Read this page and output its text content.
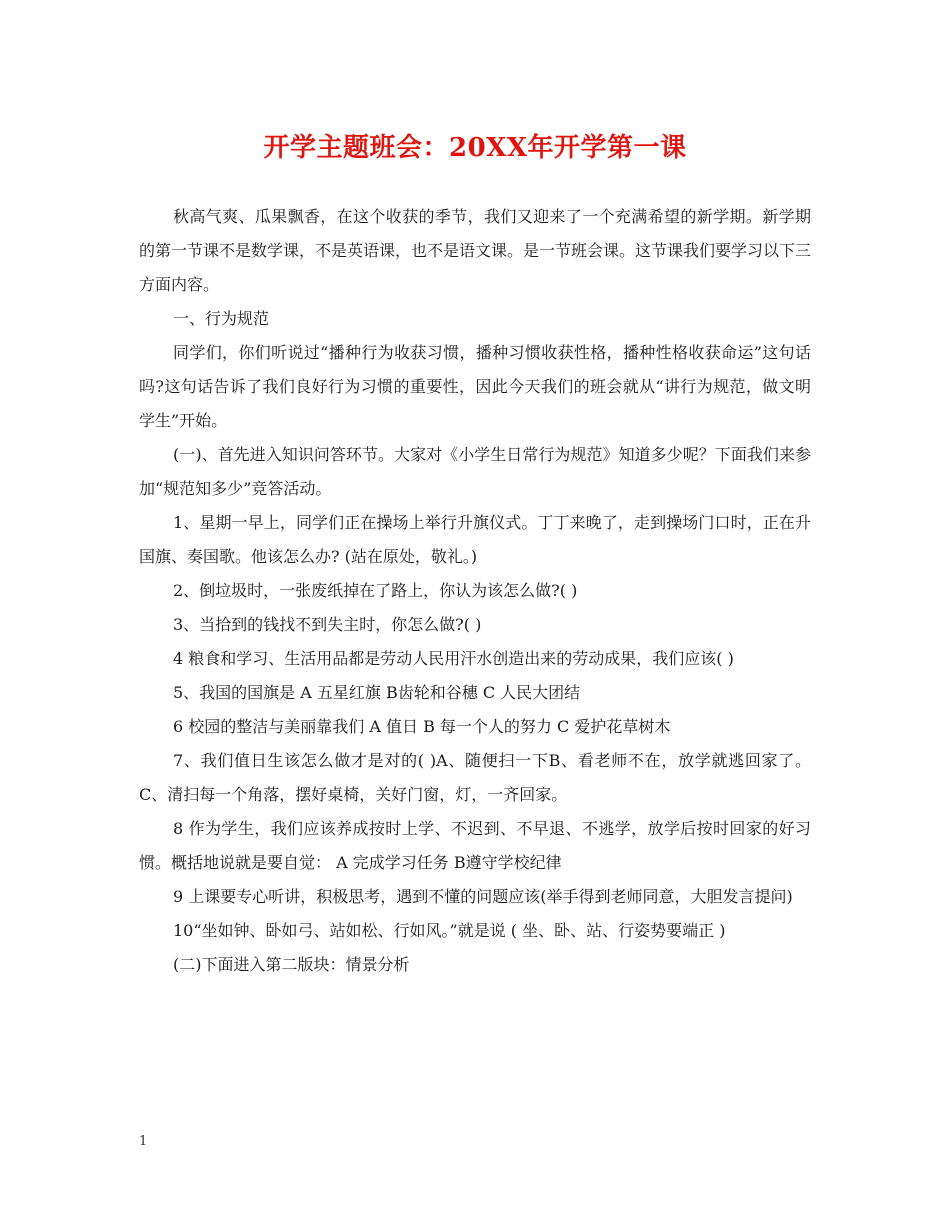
开学主题班会：20XX年开学第一课

秋高气爽、瓜果飘香，在这个收获的季节，我们又迎来了一个充满希望的新学期。新学期的第一节课不是数学课，不是英语课，也不是语文课。是一节班会课。这节课我们要学习以下三方面内容。

一、行为规范

同学们，你们听说过“播种行为收获习惯，播种习惯收获性格，播种性格收获命运”这句话吗?这句话告诉了我们良好行为习惯的重要性，因此今天我们的班会就从“讲行为规范，做文明学生”开始。

(一)、首先进入知识问答环节。大家对《小学生日常行为规范》知道多少呢？下面我们来参加“规范知多少”竞答活动。

1、星期一早上，同学们正在操场上举行升旗仪式。丁丁来晚了，走到操场门口时，正在升国旗、奏国歌。他该怎么办? (站在原处，敬礼。)

2、倒垃圾时，一张废纸掉在了路上，你认为该怎么做?( )

3、当拾到的钱找不到失主时，你怎么做?( )

4 粮食和学习、生活用品都是劳动人民用汗水创造出来的劳动成果，我们应该( )

5、我国的国旗是 A 五星红旗 B齿轮和谷穗 C 人民大团结

6 校园的整洁与美丽靠我们 A 值日 B 每一个人的努力 C 爱护花草树木

7、我们值日生该怎么做才是对的( )A、随便扫一下B、看老师不在，放学就逃回家了。C、清扫每一个角落，摆好桌椅，关好门窗，灯，一齐回家。

8 作为学生，我们应该养成按时上学、不迟到、不早退、不逃学，放学后按时回家的好习惯。概括地说就是要自觉： A 完成学习任务 B遵守学校纪律

9 上课要专心听讲，积极思考，遇到不懂的问题应该(举手得到老师同意，大胆发言提问)

10“坐如钟、卧如弓、站如松、行如风。”就是说 ( 坐、卧、站、行姿势要端正 )

(二)下面进入第二版块：情景分析

1
